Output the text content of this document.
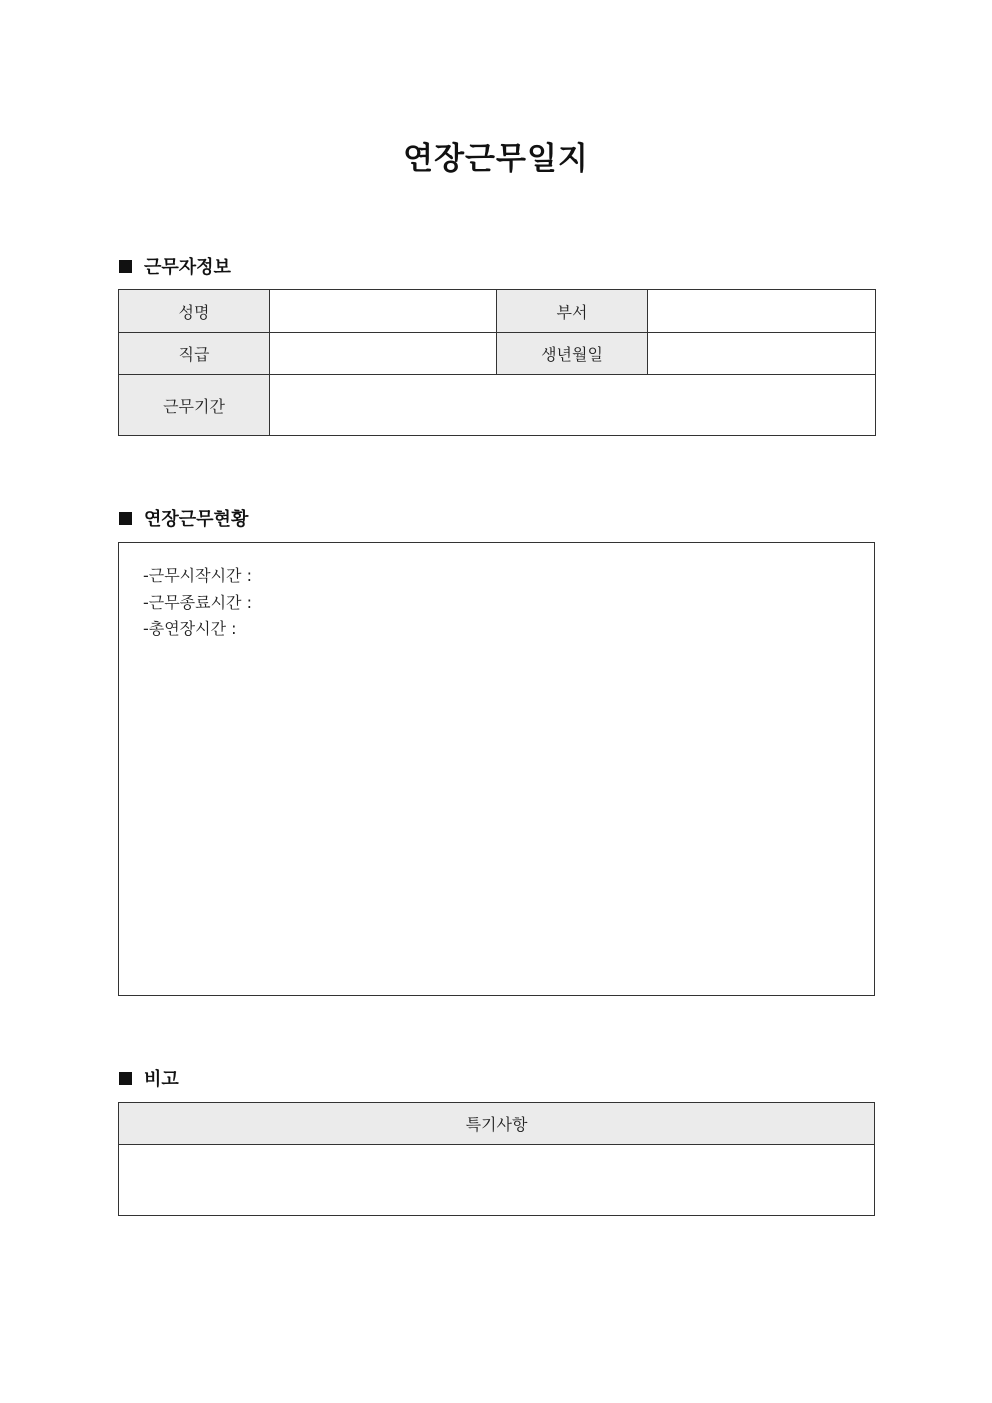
연장근무일지
근무자정보
성명		부서	
직급		생년월일	
근무기간			
연장근무현황
-근무시작시간 :
-근무종료시간 :
-총연장시간 :
비고
특기사항
